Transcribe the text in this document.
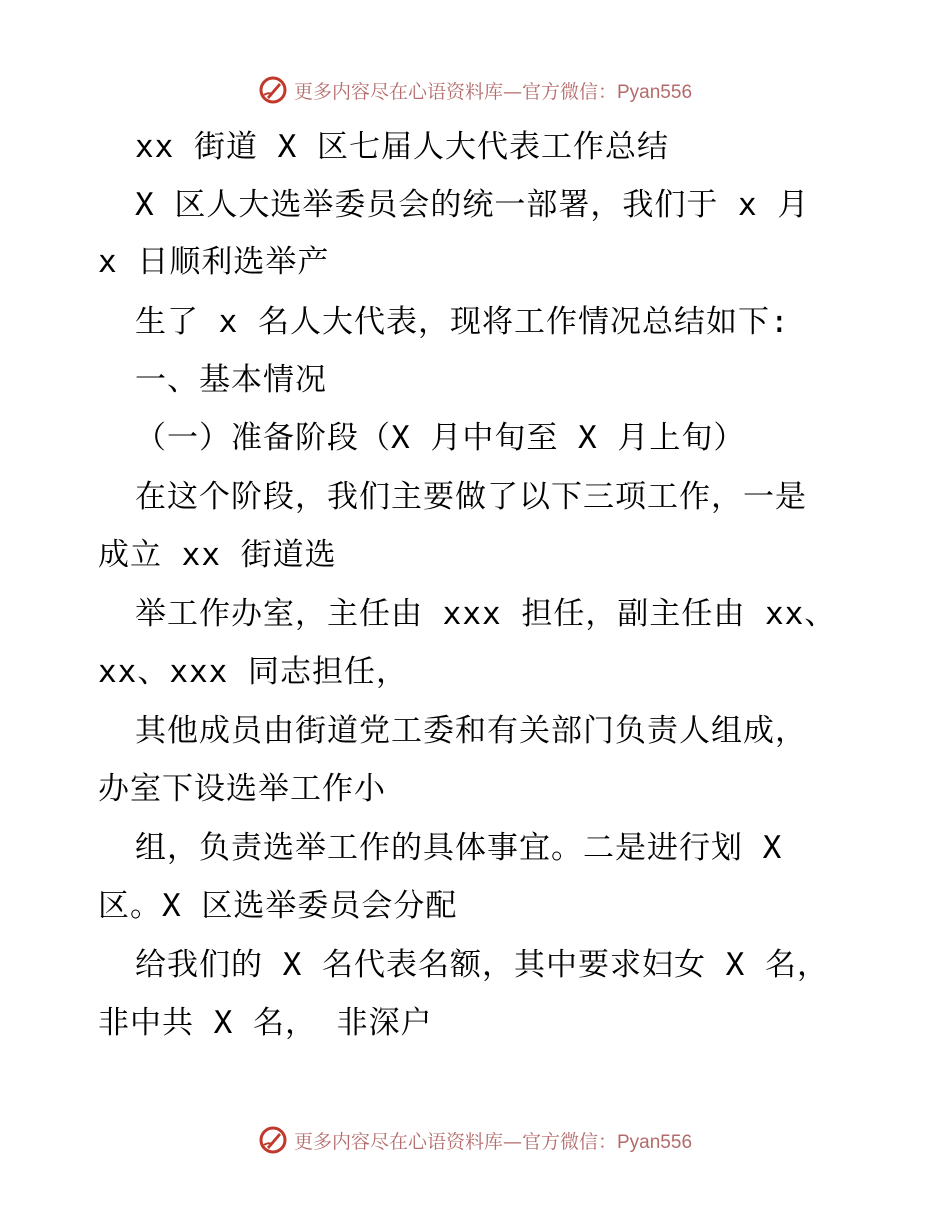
更多内容尽在心语资料库—官方微信：Pyan556
xx 街道 X 区七届人大代表工作总结
X 区人大选举委员会的统一部署，我们于 x 月
x 日顺利选举产
生了 x 名人大代表，现将工作情况总结如下:
一、基本情况
（一）准备阶段（X 月中旬至 X 月上旬）
在这个阶段，我们主要做了以下三项工作，一是
成立 xx 街道选
举工作办室，主任由 xxx 担任，副主任由 xx、
xx、xxx 同志担任，
其他成员由街道党工委和有关部门负责人组成，
办室下设选举工作小
组，负责选举工作的具体事宜。二是进行划 X
区。X 区选举委员会分配
给我们的 X 名代表名额，其中要求妇女 X 名，
非中共 X 名， 非深户
更多内容尽在心语资料库—官方微信：Pyan556
